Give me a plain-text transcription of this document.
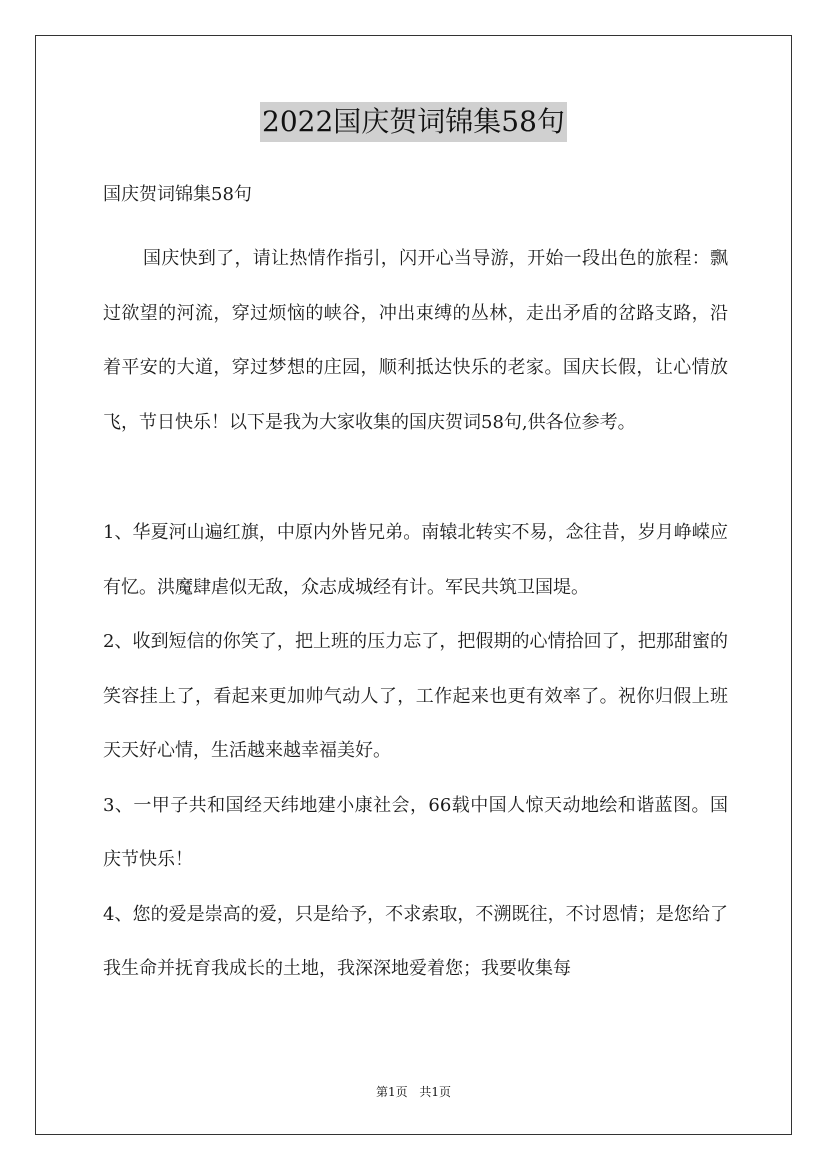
2022国庆贺词锦集58句
国庆贺词锦集58句

国庆快到了，请让热情作指引，闪开心当导游，开始一段出色的旅程：飘过欲望的河流，穿过烦恼的峡谷，冲出束缚的丛林，走出矛盾的岔路支路，沿着平安的大道，穿过梦想的庄园，顺利抵达快乐的老家。国庆长假，让心情放飞，节日快乐！以下是我为大家收集的国庆贺词58句,供各位参考。

1、华夏河山遍红旗，中原内外皆兄弟。南辕北转实不易，念往昔，岁月峥嵘应有忆。洪魔肆虐似无敌，众志成城经有计。军民共筑卫国堤。

2、收到短信的你笑了，把上班的压力忘了，把假期的心情拾回了，把那甜蜜的笑容挂上了，看起来更加帅气动人了，工作起来也更有效率了。祝你归假上班天天好心情，生活越来越幸福美好。

3、一甲子共和国经天纬地建小康社会，66载中国人惊天动地绘和谐蓝图。国庆节快乐！

4、您的爱是崇高的爱，只是给予，不求索取，不溯既往，不讨恩情；是您给了我生命并抚育我成长的土地，我深深地爱着您；我要收集每

第1页 共1页
